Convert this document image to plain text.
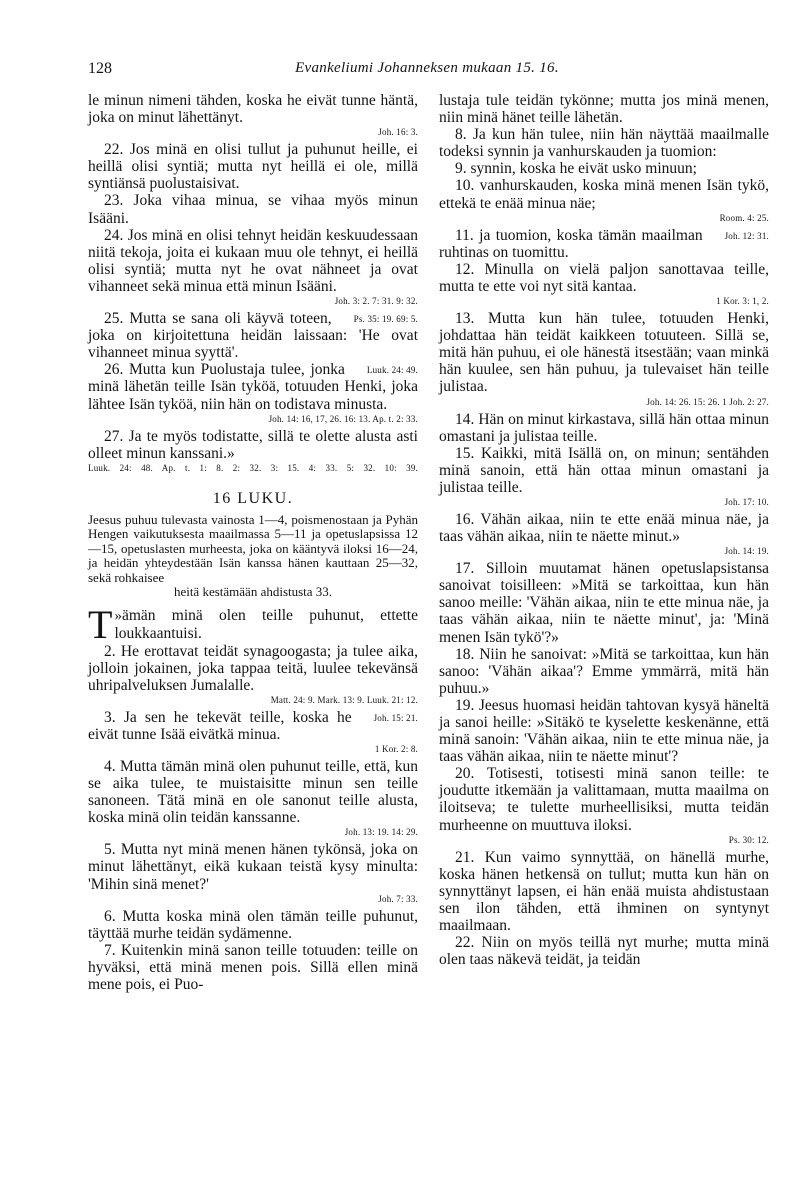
128	Evankeliumi Johanneksen mukaan 15. 16.

le minun nimeni tähden, koska he eivät tunne häntä, joka on minut lähettänyt.

Joh. 16: 3.

22. Jos minä en olisi tullut ja puhunut heille, ei heillä olisi syntiä; mutta nyt heillä ei ole, millä syntiänsä puolustaisivat.

23. Joka vihaa minua, se vihaa myös minun Isääni.

24. Jos minä en olisi tehnyt heidän keskuudessaan niitä tekoja, joita ei kukaan muu ole tehnyt, ei heillä olisi syntiä; mutta nyt he ovat nähneet ja ovat vihanneet sekä minua että minun Isääni.

Joh. 3: 2. 7: 31. 9: 32.

Ps. 35: 19. 69: 5.
25. Mutta se sana oli käyvä toteen, joka on kirjoitettuna heidän laissaan: 'He ovat vihanneet minua syyttä'.

Luuk. 24: 49.
26. Mutta kun Puolustaja tulee, jonka minä lähetän teille Isän tyköä, totuuden Henki, joka lähtee Isän tyköä, niin hän on todistava minusta.

Joh. 14: 16, 17, 26. 16: 13. Ap. t. 2: 33.

27. Ja te myös todistatte, sillä te olette alusta asti olleet minun kanssani.»

Luuk. 24: 48. Ap. t. 1: 8. 2: 32. 3: 15. 4: 33. 5: 32. 10: 39.
16 LUKU.
Jeesus puhuu tulevasta vainosta 1—4, poismenostaan ja Pyhän Hengen vaikutuksesta maailmassa 5—11 ja opetuslapsissa 12—15, opetuslasten murheesta, joka on kääntyvä iloksi 16—24, ja heidän yhteydestään Isän kanssa hänen kauttaan 25—32, sekä rohkaisee
heitä kestämään ahdistusta 33.

»
T ämän minä olen teille puhunut, ettette loukkaantuisi.

2. He erottavat teidät synagoogasta; ja tulee aika, jolloin jokainen, joka tappaa teitä, luulee tekevänsä uhripalveluksen Jumalalle.

Matt. 24: 9. Mark. 13: 9. Luuk. 21: 12.

Joh. 15: 21.
3. Ja sen he tekevät teille, koska he eivät tunne Isää eivätkä minua.

1 Kor. 2: 8.

4. Mutta tämän minä olen puhunut teille, että, kun se aika tulee, te muistaisitte minun sen teille sanoneen. Tätä minä en ole sanonut teille alusta, koska minä olin teidän kanssanne.

Joh. 13: 19. 14: 29.

5. Mutta nyt minä menen hänen tykönsä, joka on minut lähettänyt, eikä kukaan teistä kysy minulta: 'Mihin sinä menet?'

Joh. 7: 33.

6. Mutta koska minä olen tämän teille puhunut, täyttää murhe teidän sydämenne.

7. Kuitenkin minä sanon teille totuuden: teille on hyväksi, että minä menen pois. Sillä ellen minä mene pois, ei Puo-

lustaja tule teidän tykönne; mutta jos minä menen, niin minä hänet teille lähetän.

8. Ja kun hän tulee, niin hän näyttää maailmalle todeksi synnin ja vanhurskauden ja tuomion:

9. synnin, koska he eivät usko minuun;

10. vanhurskauden, koska minä menen Isän tykö, ettekä te enää minua näe;

Room. 4: 25.

Joh. 12: 31.
11. ja tuomion, koska tämän maailman ruhtinas on tuomittu.

12. Minulla on vielä paljon sanottavaa teille, mutta te ette voi nyt sitä kantaa.

1 Kor. 3: 1, 2.

13. Mutta kun hän tulee, totuuden Henki, johdattaa hän teidät kaikkeen totuuteen. Sillä se, mitä hän puhuu, ei ole hänestä itsestään; vaan minkä hän kuulee, sen hän puhuu, ja tulevaiset hän teille julistaa.

Joh. 14: 26. 15: 26. 1 Joh. 2: 27.

14. Hän on minut kirkastava, sillä hän ottaa minun omastani ja julistaa teille.

15. Kaikki, mitä Isällä on, on minun; sentähden minä sanoin, että hän ottaa minun omastani ja julistaa teille.

Joh. 17: 10.

16. Vähän aikaa, niin te ette enää minua näe, ja taas vähän aikaa, niin te näette minut.»

Joh. 14: 19.

17. Silloin muutamat hänen opetuslapsistansa sanoivat toisilleen: »Mitä se tarkoittaa, kun hän sanoo meille: 'Vähän aikaa, niin te ette minua näe, ja taas vähän aikaa, niin te näette minut', ja: 'Minä menen Isän tykö'?»

18. Niin he sanoivat: »Mitä se tarkoittaa, kun hän sanoo: 'Vähän aikaa'? Emme ymmärrä, mitä hän puhuu.»

19. Jeesus huomasi heidän tahtovan kysyä häneltä ja sanoi heille: »Sitäkö te kyselette keskenänne, että minä sanoin: 'Vähän aikaa, niin te ette minua näe, ja taas vähän aikaa, niin te näette minut'?

20. Totisesti, totisesti minä sanon teille: te joudutte itkemään ja valittamaan, mutta maailma on iloitseva; te tulette murheellisiksi, mutta teidän murheenne on muuttuva iloksi.

Ps. 30: 12.

21. Kun vaimo synnyttää, on hänellä murhe, koska hänen hetkensä on tullut; mutta kun hän on synnyttänyt lapsen, ei hän enää muista ahdistustaan sen ilon tähden, että ihminen on syntynyt maailmaan.

22. Niin on myös teillä nyt murhe; mutta minä olen taas näkevä teidät, ja teidän
